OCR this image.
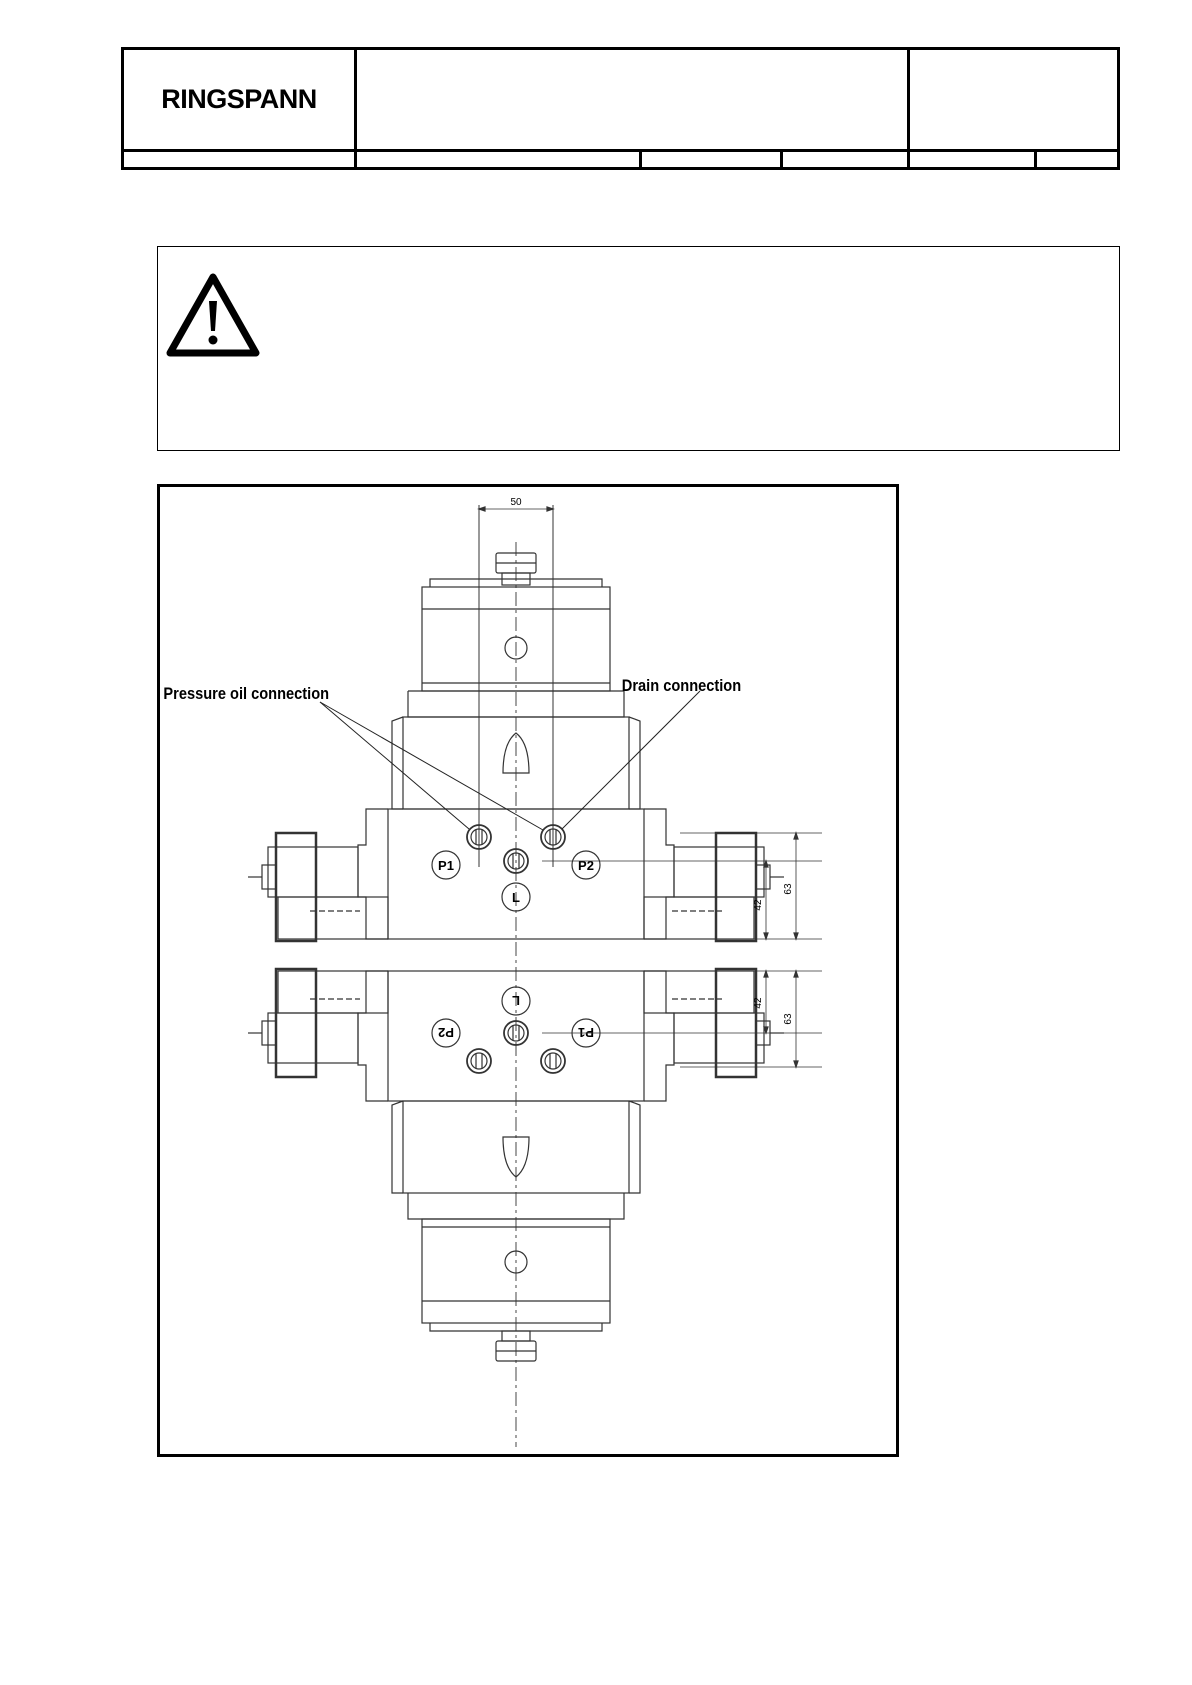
RINGSPANN
50
P1	P2
L
Pressure oil connection	Drain connection
42
63
L
P2	P1
42
63
